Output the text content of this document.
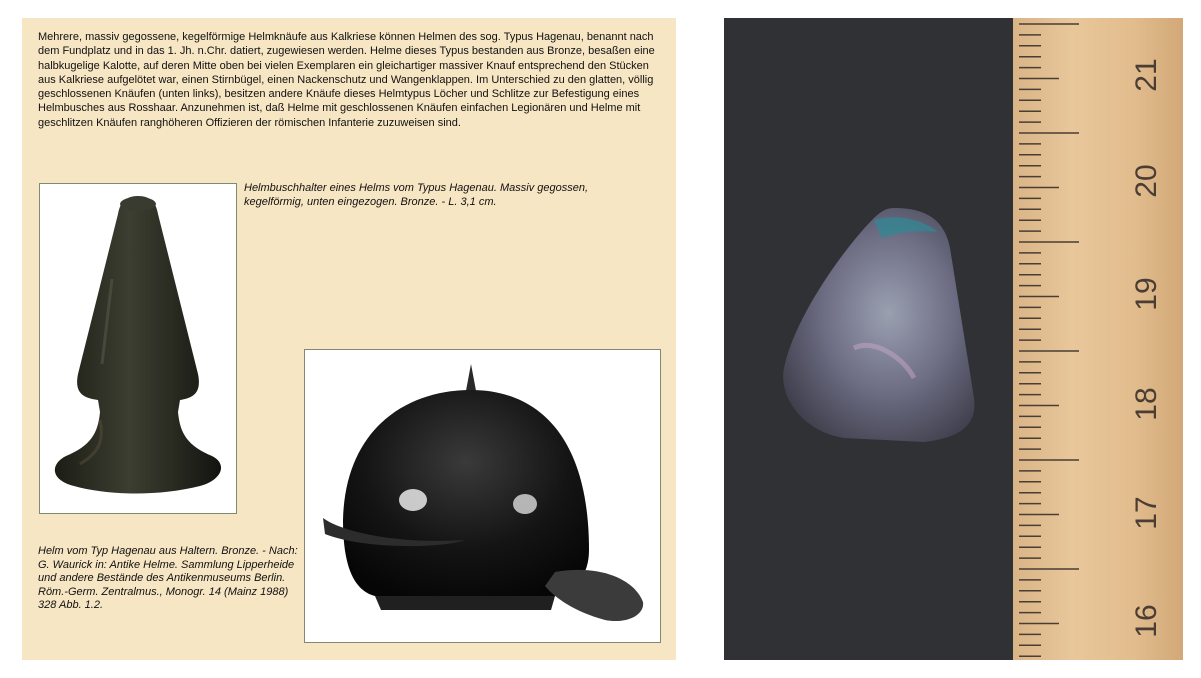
Mehrere, massiv gegossene, kegelförmige Helmknäufe aus Kalkriese können Helmen des sog. Typus Hagenau, benannt nach dem Fundplatz und in das 1. Jh. n.Chr. datiert, zugewiesen werden. Helme dieses Typus bestanden aus Bronze, besaßen eine halbkugelige Kalotte, auf deren Mitte oben bei vielen Exemplaren ein gleichartiger massiver Knauf entsprechend den Stücken aus Kalkriese aufgelötet war, einen Stirnbügel, einen Nackenschutz und Wangenklappen. Im Unterschied zu den glatten, völlig geschlossenen Knäufen (unten links), besitzen andere Knäufe dieses Helmtypus Löcher und Schlitze zur Befestigung eines Helmbusches aus Rosshaar. Anzunehmen ist, daß Helme mit geschlossenen Knäufen einfachen Legionären und Helme mit geschlitzen Knäufen ranghöheren Offizieren der römischen Infanterie zuzuweisen sind.

Helmbuschhalter eines Helms vom Typus Hagenau. Massiv gegossen, kegelförmig, unten eingezogen. Bronze. - L. 3,1 cm.

Helm vom Typ Hagenau aus Haltern. Bronze. - Nach: G. Waurick in: Antike Helme. Sammlung Lipperheide und andere Bestände des Antikenmuseums Berlin. Röm.-Germ. Zentralmus., Monogr. 14 (Mainz 1988) 328 Abb. 1.2.

21
20
19
18
17
16
